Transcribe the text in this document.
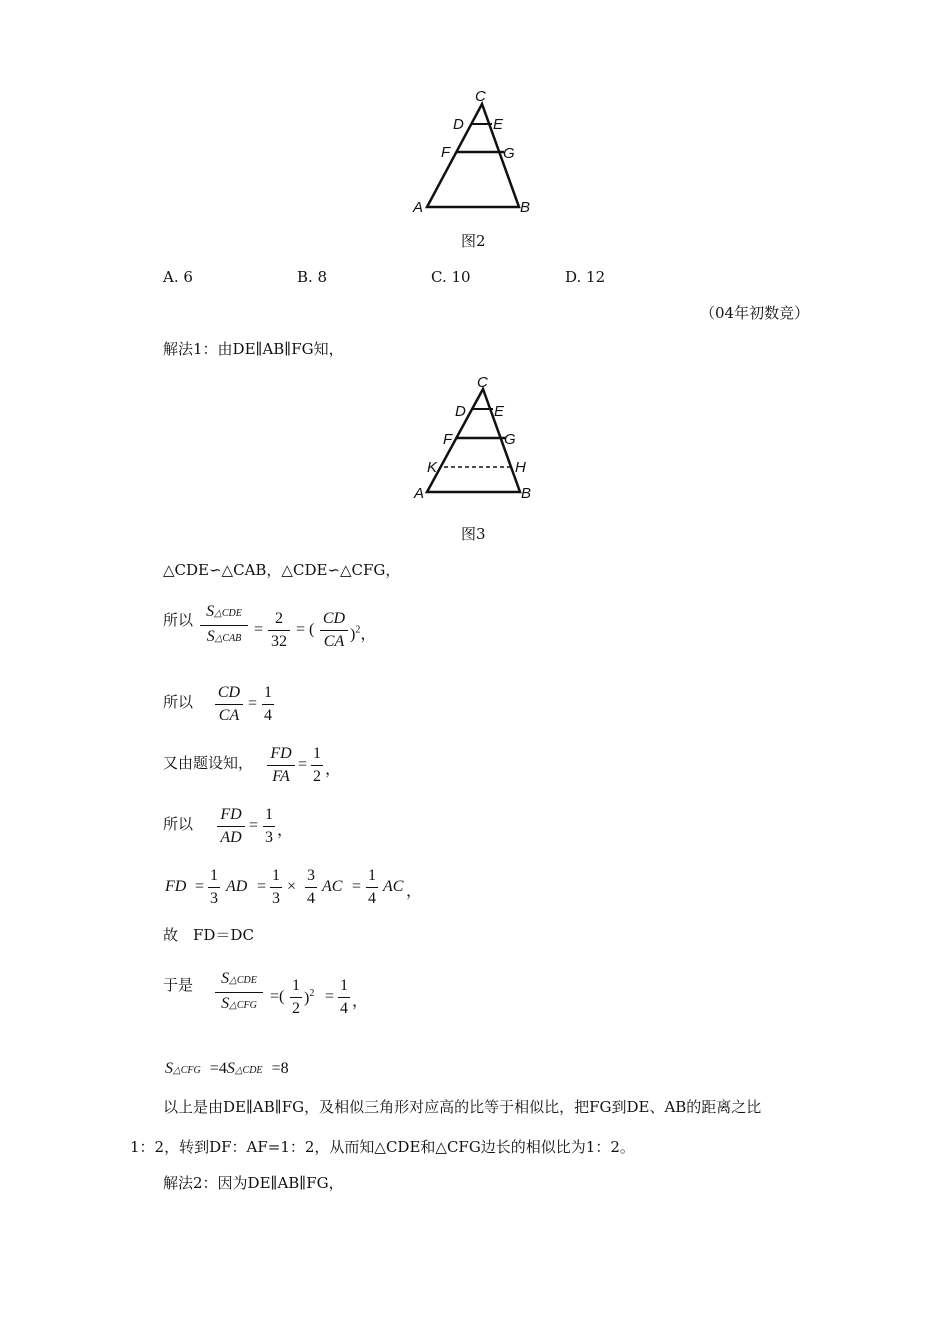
C
D E
F	G
A	B
图2
A. 6	B. 8	C. 10	D. 12
（04年初数竞）
解法1：由DE∥AB∥FG知，
C
D E
F	G
K	H
A	B
图3
△CDE∽△CAB，△CDE∽△CFG，
所以 S△CDE
S△CAB
=
2
32
= (
CD
CA )$^2$，
所以
CD
CA
=
1
4
又由题设知，
FD
FA
=
1
2 ，
所以
FD
AD
=
1
3 ，
FD =
1
3
AD =
1
3
×
3
4
AC =
1
4
AC ，
故　FD＝DC
于是	S△CDE
S△CFG
=(
1
2
)$^2$ =
1
4 ，
S△CFG =4S△CDE =8
以上是由DE∥AB∥FG，及相似三角形对应高的比等于相似比，把FG到DE、AB的距离之比
1：2，转到DF：AF=1：2，从而知△CDE和△CFG边长的相似比为1：2。
解法2：因为DE∥AB∥FG，
